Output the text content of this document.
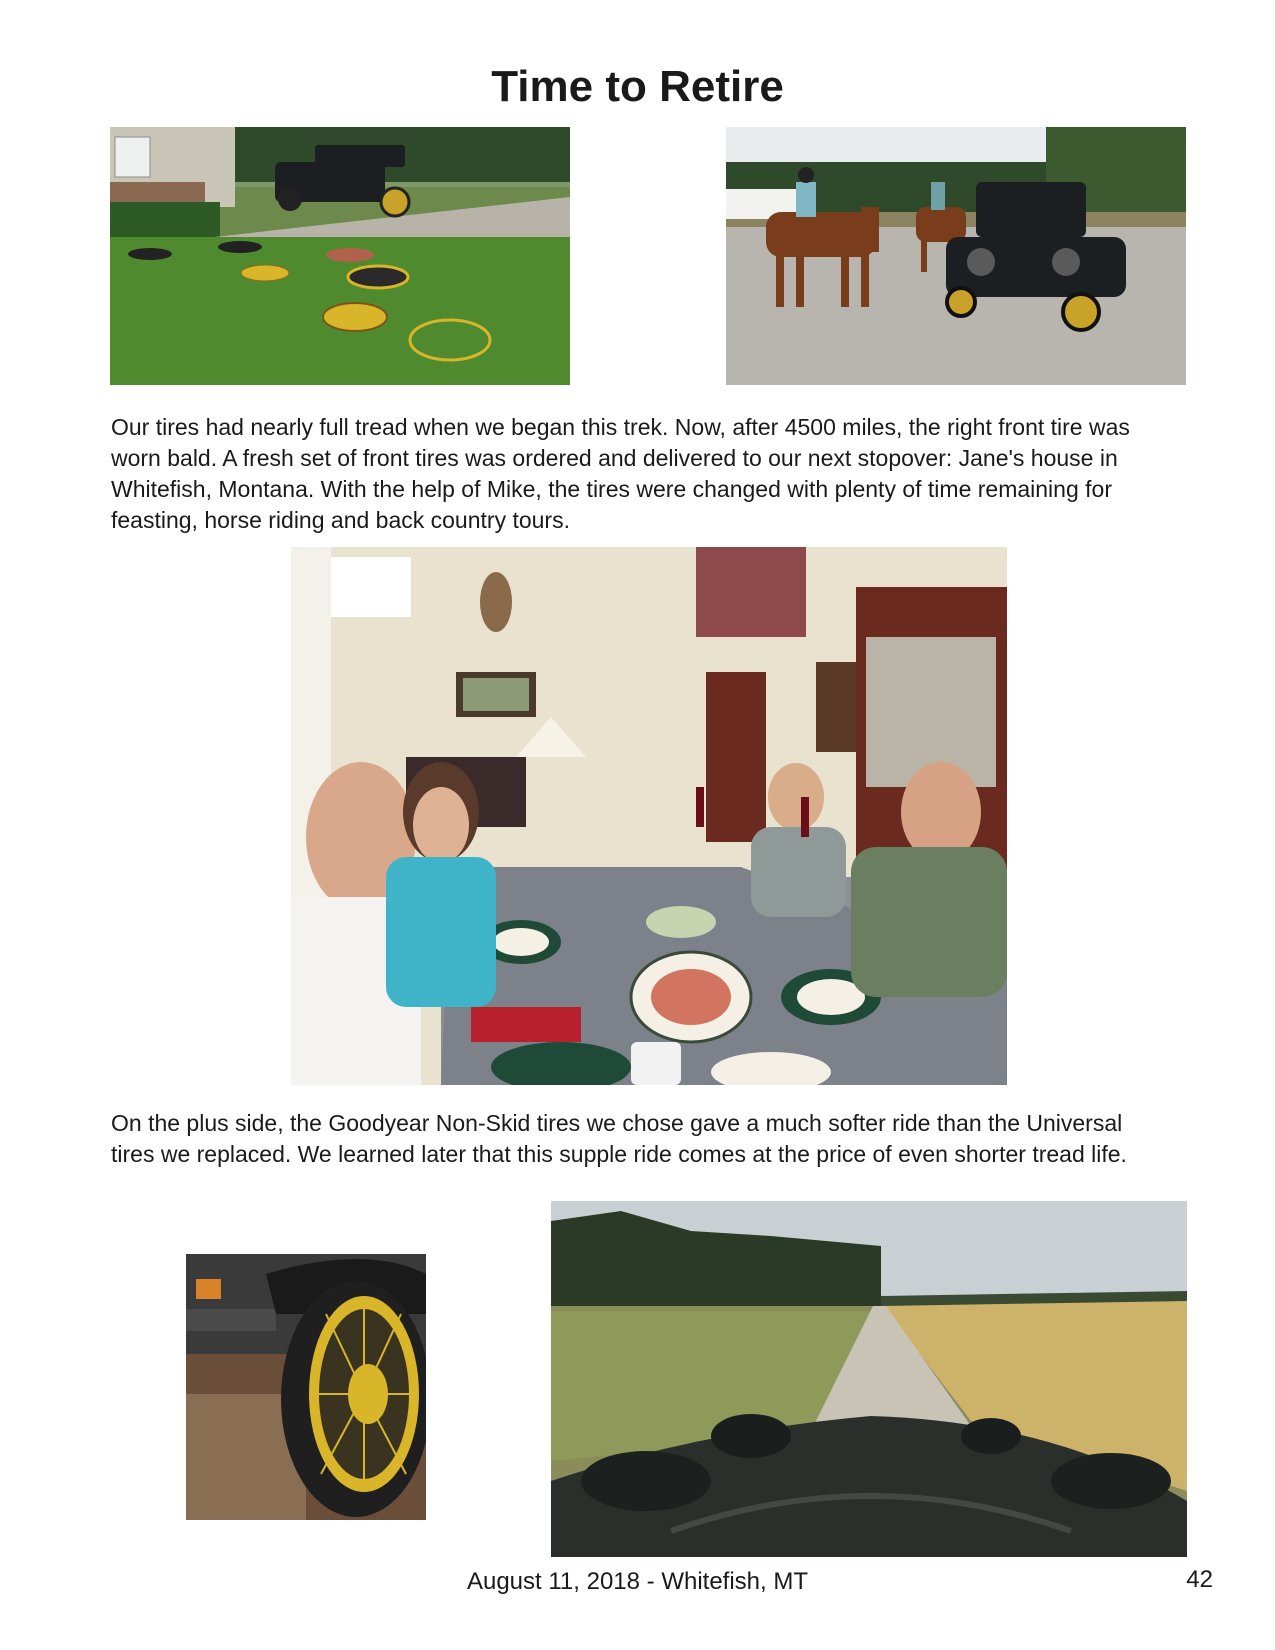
Time to Retire

Our tires had nearly full tread when we began this trek. Now, after 4500 miles, the right front tire was worn bald. A fresh set of front tires was ordered and delivered to our next stopover: Jane's house in Whitefish, Montana. With the help of Mike, the tires were changed with plenty of time remaining for feasting, horse riding and back country tours.

On the plus side, the Goodyear Non-Skid tires we chose gave a much softer ride than the Universal tires we replaced. We learned later that this supple ride comes at the price of even shorter tread life.

August 11, 2018 - Whitefish, MT	42
